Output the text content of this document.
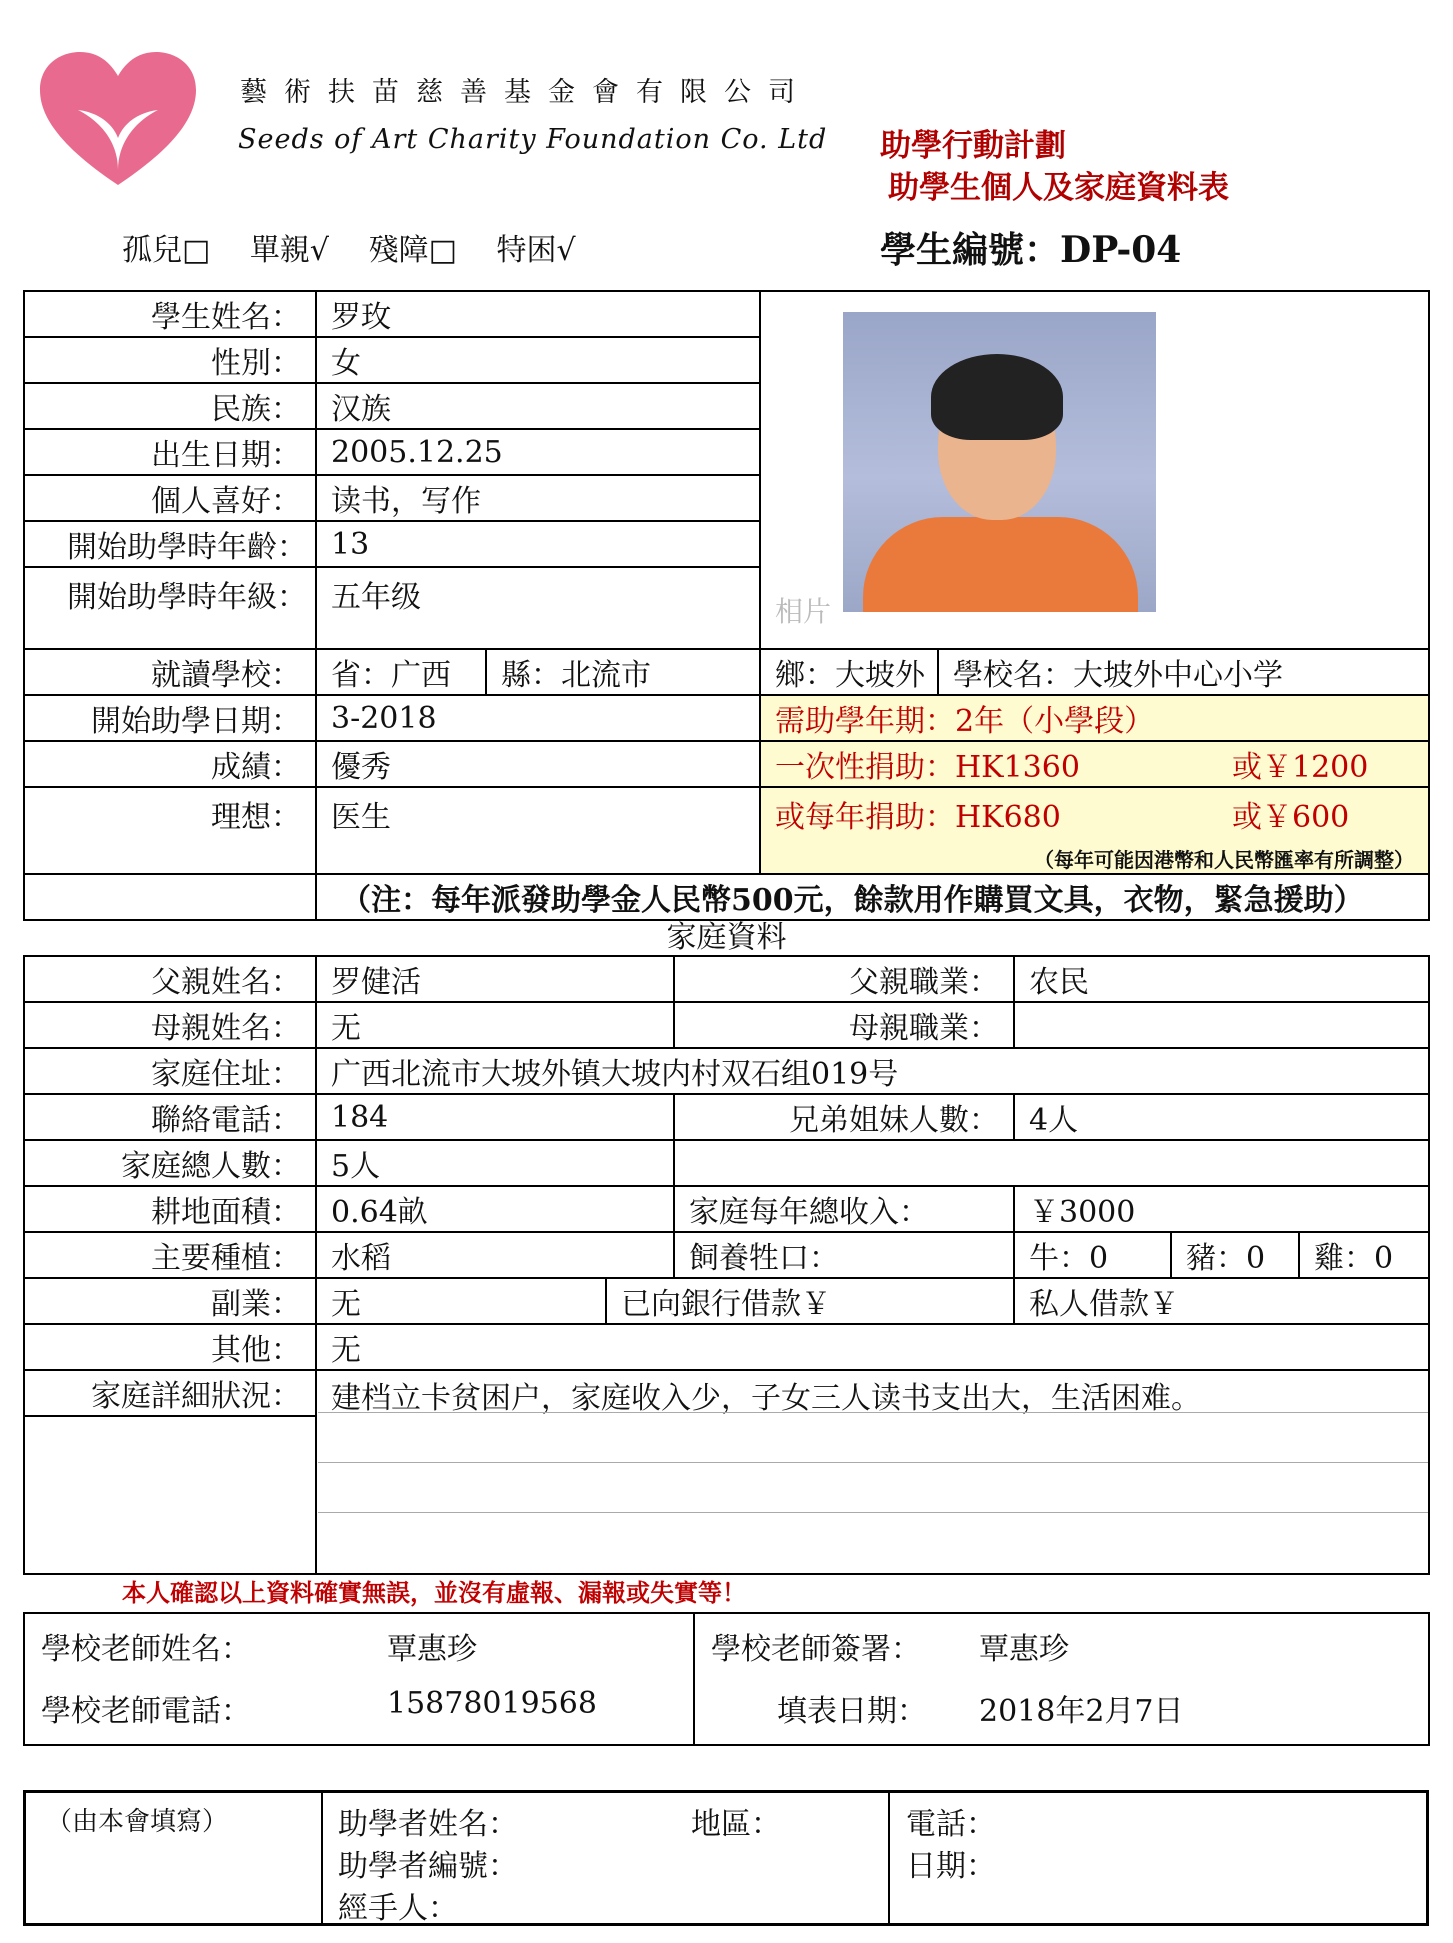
藝術扶苗慈善基金會有限公司
Seeds of Art Charity Foundation Co. Ltd 助學行動計劃
助學生個人及家庭資料表
孤兒□ 單親√ 殘障□ 特困√	學生編號：DP-04
學生姓名：	罗玫		相片	

性別：	女			
民族：	汉族			
出生日期：	2005.12.25			
個人喜好：	读书，写作			
開始助學時年齡：	13			
開始助學時年級：	五年级			
就讀學校：	省：广西	縣：北流市	鄉：大坡外	學校名：大坡外中心小学
開始助學日期：	3-2018		需助學年期：2年（小學段）	
成績：	優秀		一次性捐助：HK1360 或￥1200	

理想：	医生		或每年捐助：HK680 或￥600
（每年可能因港幣和人民幣匯率有所調整）	

	（注：每年派發助學金人民幣500元，餘款用作購買文具，衣物，緊急援助）			
家庭資料
父親姓名：	罗健活		父親職業：	农民		
母親姓名：	无		母親職業：			
家庭住址：	广西北流市大坡外镇大坡内村双石组019号					
聯絡電話：	184		兄弟姐妹人數：	4人		
家庭總人數：	5人					
耕地面積：	0.64畝		家庭每年總收入：	￥3000		
主要種植：	水稻		飼養牲口：	牛：0	豬：0	雞：0
副業：	无	已向銀行借款￥		私人借款￥		
其他：	无					
家庭詳細狀況：	建档立卡贫困户，家庭收入少，子女三人读书支出大，生活困难。					

本人確認以上資料確實無誤，並沒有虛報、漏報或失實等！
學校老師姓名：	覃惠珍	學校老師簽署： 覃惠珍
學校老師電話：	15878019568	填表日期： 2018年2月7日
（由本會填寫）	助學者姓名：	地區：	電話：
助學者編號：	日期：
經手人：
